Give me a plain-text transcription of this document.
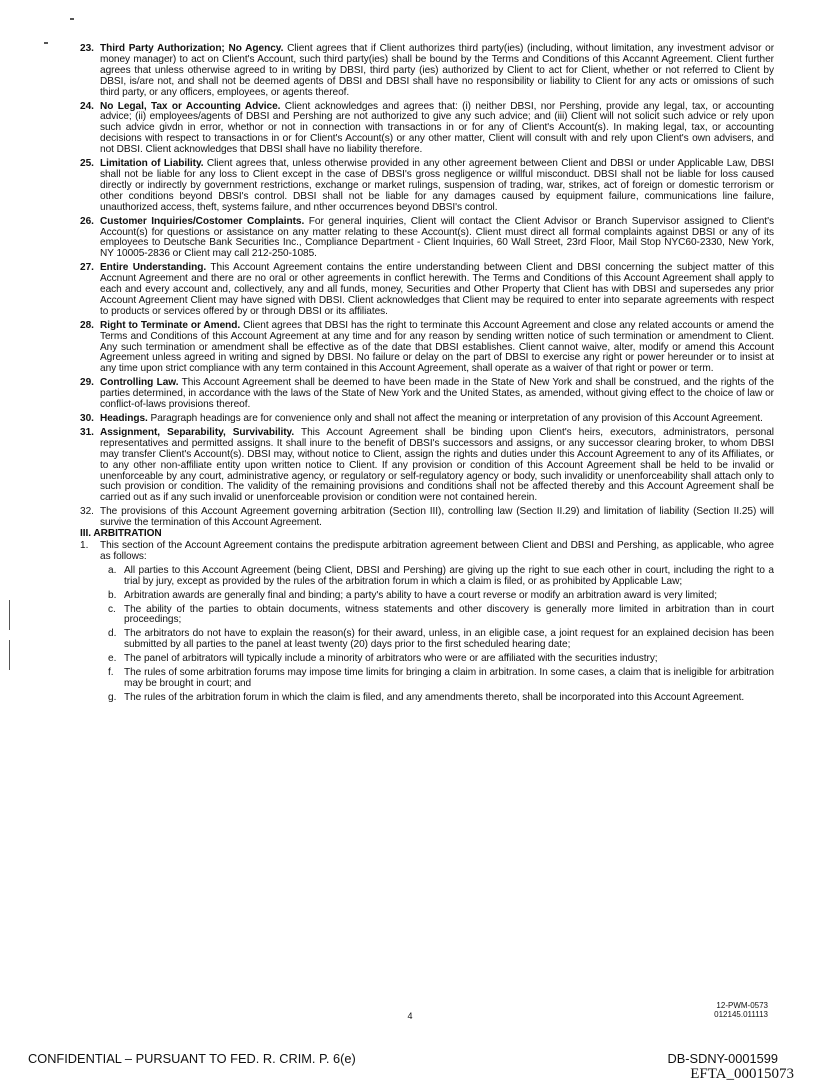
23. Third Party Authorization; No Agency. Client agrees that if Client authorizes third party(ies) (including, without limitation, any investment advisor or money manager) to act on Client's Account, such third party(ies) shall be bound by the Terms and Conditions of this Accannt Agreement. Client further agrees that unless otherwise agreed to in writing by DBSI, third party (ies) authorized by Client to act for Client, whether or not referred to Client by DBSI, is/are not, and shall not be deemed agents of DBSI and DBSI shall have no responsibility or liability to Client for any acts or omissions of such third party, or any officers, employees, or agents thereof.
24. No Legal, Tax or Accounting Advice. Client acknowledges and agrees that: (i) neither DBSI, nor Pershing, provide any legal, tax, or accounting advice; (ii) employees/agents of DBSI and Pershing are not authorized to give any such advice; and (iii) Client will not solicit such advice or rely upon such advice givdn in error, whethor or not in connection with transactions in or for any of Client's Account(s). In making legal, tax, or accounting decisions with respect to transactions in or for Client's Account(s) or any other matter, Client will consult with and rely upon Client's own advisers, and not DBSI. Client acknowledges that DBSI shall have no liability therefore.
25. Limitation of Liability. Client agrees that, unless otherwise provided in any other agreement between Client and DBSI or under Applicable Law, DBSI shall not be liable for any loss to Client except in the case of DBSI's gross negligence or willful misconduct. DBSI shall not be liable for loss caused directly or indirectly by government restrictions, exchange or market rulings, suspension of trading, war, strikes, act of foreign or domestic terrorism or other conditions beyond DBSI's control. DBSI shall not be liable for any damages caused by equipment failure, communications line failure, unauthorized access, theft, systems failure, and nther occurrences beyond DBSI's control.
26. Customer Inquiries/Costomer Complaints. For general inquiries, Client will contact the Client Advisor or Branch Supervisor assigned to Client's Account(s) for questions or assistance on any matter relating to these Account(s). Client must direct all formal complaints against DBSI or any of its employees to Deutsche Bank Securities Inc., Compliance Department - Client Inquiries, 60 Wall Street, 23rd Floor, Mail Stop NYC60-2330, New York, NY 10005-2836 or Client may call 212-250-1085.
27. Entire Understanding. This Account Agreement contains the entire understanding between Client and DBSI concerning the subject matter of this Accnunt Agreement and there are no oral or other agreements in conflict herewith. The Terms and Conditions of this Account Agreement shall apply to each and every account and, collectively, any and all funds, money, Securities and Other Property that Client has with DBSI and supersedes any prior Account Agreement Client may have signed with DBSI. Client acknowledges that Client may be required to enter into separate agreements with respect to products or services offered by or through DBSI or its affiliates.
28. Right to Terminate or Amend. Client agrees that DBSI has the right to terminate this Account Agreement and close any related accounts or amend the Terms and Conditions of this Account Agreement at any time and for any reason by sending written notice of such termination or amendment to Client. Any such termination or amendment shall be effective as of the date that DBSI establishes. Client cannot waive, alter, modify or amend this Account Agreement unless agreed in writing and signed by DBSI. No failure or delay on the part of DBSI to exercise any right or power hereunder or to insist at any time upon strict compliance with any term contained in this Account Agreement, shall operate as a waiver of that right or power or term.
29. Controlling Law. This Account Agreement shall be deemed to have been made in the State of New York and shall be construed, and the rights of the parties determined, in accordance with the laws of the State of New York and the United States, as amended, without giving effect to the choice of law or conflict-of-laws provisions thereof.
30. Headings. Paragraph headings are for convenience only and shall not affect the meaning or interpretation of any provision of this Account Agreement.
31. Assignment, Separability, Survivability. This Account Agreement shall be binding upon Client's heirs, executors, administrators, personal representatives and permitted assigns. It shall inure to the benefit of DBSI's successors and assigns, or any successor clearing broker, to whom DBSI may transfer Client's Account(s). DBSI may, without notice to Client, assign the rights and duties under this Account Agreement to any of its Affiliates, or to any other non-affiliate entity upon written notice to Client. If any provision or condition of this Account Agreement shall be held to be invalid or unenforceable by any court, administrative agency, or regulatory or self-regulatory agency or body, such invalidity or unenforceability shall attach only to such provision or condition. The validity of the remaining provisions and conditions shall not be affected thereby and this Account Agreement shall be carried out as if any such invalid or unenforceable provision or condition were not contained herein.
32. The provisions of this Account Agreement governing arbitration (Section III), controlling law (Section II.29) and limitation of liability (Section II.25) will survive the termination of this Account Agreement.
III. ARBITRATION
1. This section of the Account Agreement contains the predispute arbitration agreement between Client and DBSI and Pershing, as applicable, who agree as follows:
a. All parties to this Account Agreement (being Client, DBSI and Pershing) are giving up the right to sue each other in court, including the right to a trial by jury, except as provided by the rules of the arbitration forum in which a claim is filed, or as prohibited by Applicable Law;
b. Arbitration awards are generally final and binding; a party's ability to have a court reverse or modify an arbitration award is very limited;
c. The ability of the parties to obtain documents, witness statements and other discovery is generally more limited in arbitration than in court proceedings;
d. The arbitrators do not have to explain the reason(s) for their award, unless, in an eligible case, a joint request for an explained decision has been submitted by all parties to the panel at least twenty (20) days prior to the first scheduled hearing date;
e. The panel of arbitrators will typically include a minority of arbitrators who were or are affiliated with the securities industry;
f. The rules of some arbitration forums may impose time limits for bringing a claim in arbitration. In some cases, a claim that is ineligible for arbitration may be brought in court; and
g. The rules of the arbitration forum in which the claim is filed, and any amendments thereto, shall be incorporated into this Account Agreement.
4
12-PWM-0573
012145.011113
CONFIDENTIAL – PURSUANT TO FED. R. CRIM. P. 6(e)	DB-SDNY-0001599
EFTA_00015073
